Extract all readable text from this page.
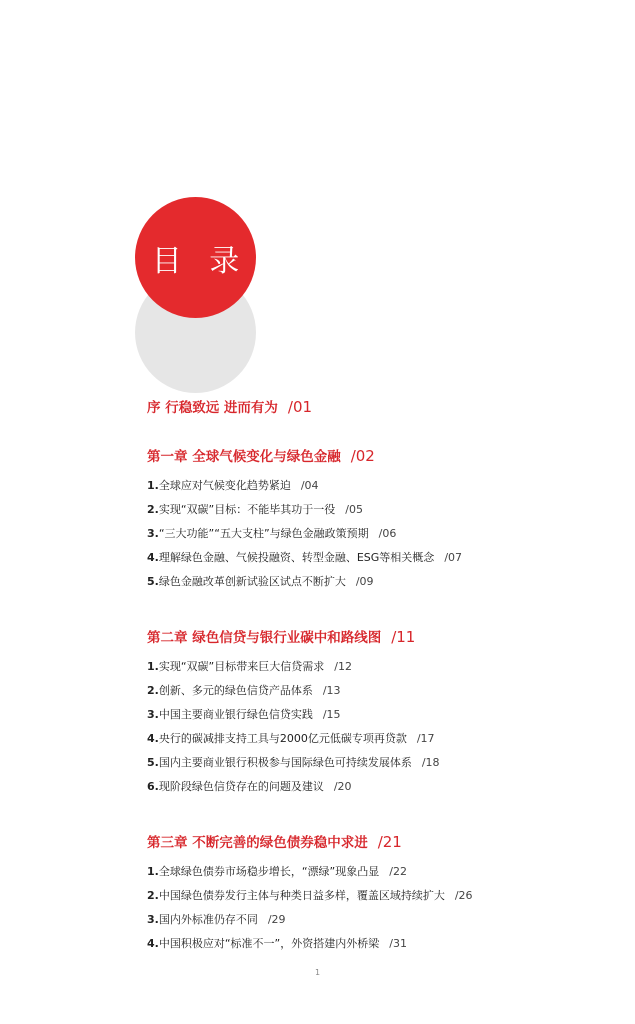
目 录
序 行稳致远 进而有为 /01
第一章 全球气候变化与绿色金融 /02
1.全球应对气候变化趋势紧迫 /04
2.实现“双碳”目标：不能毕其功于一役 /05
3.“三大功能”“五大支柱”与绿色金融政策预期 /06
4.理解绿色金融、气候投融资、转型金融、ESG等相关概念 /07
5.绿色金融改革创新试验区试点不断扩大 /09
第二章 绿色信贷与银行业碳中和路线图 /11
1.实现“双碳”目标带来巨大信贷需求 /12
2.创新、多元的绿色信贷产品体系 /13
3.中国主要商业银行绿色信贷实践 /15
4.央行的碳减排支持工具与2000亿元低碳专项再贷款 /17
5.国内主要商业银行积极参与国际绿色可持续发展体系 /18
6.现阶段绿色信贷存在的问题及建议 /20
第三章 不断完善的绿色债券稳中求进 /21
1.全球绿色债券市场稳步增长，“漂绿”现象凸显 /22
2.中国绿色债券发行主体与种类日益多样，覆盖区域持续扩大 /26
3.国内外标准仍存不同 /29
4.中国积极应对“标准不一”，外资搭建内外桥梁 /31
1
